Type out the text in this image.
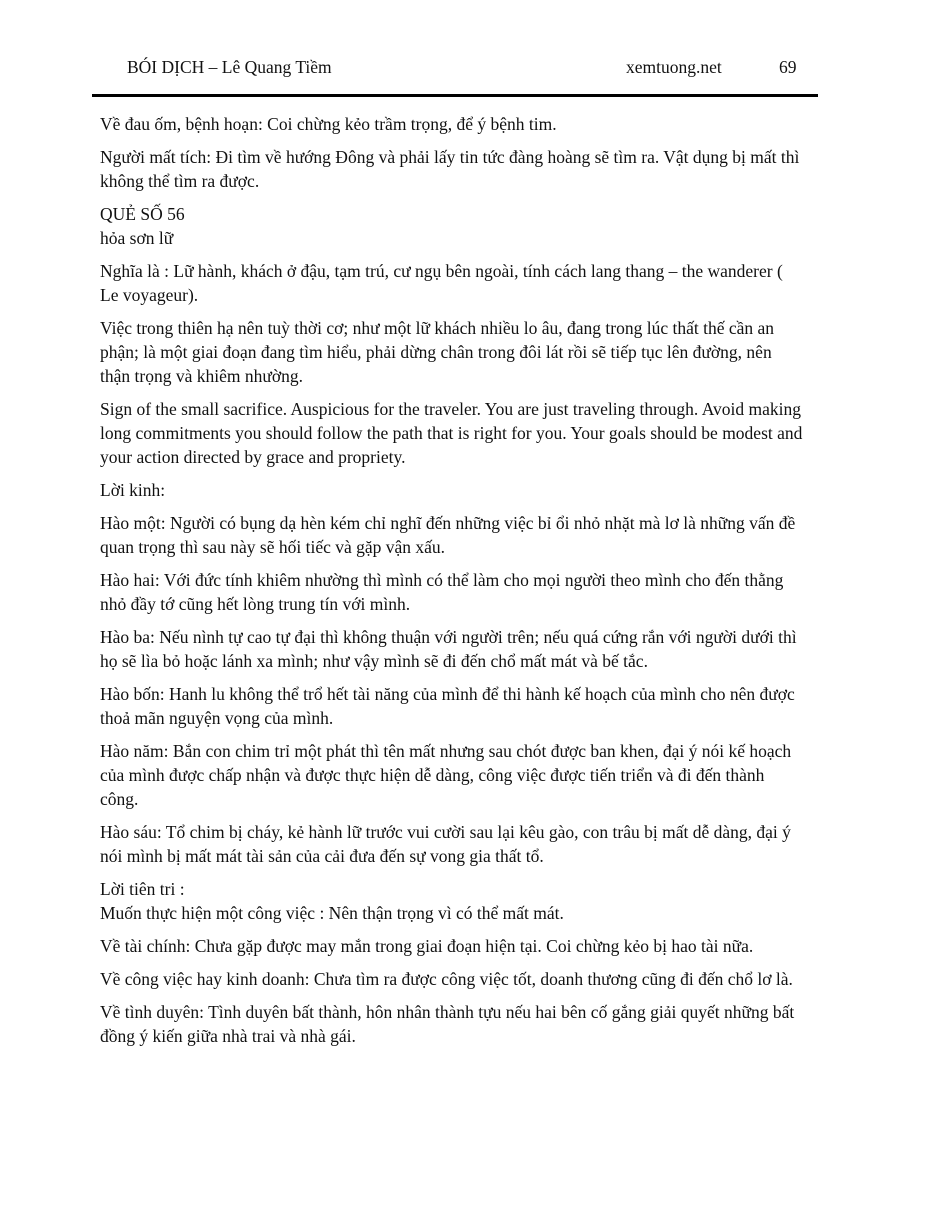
BÓI DỊCH – Lê Quang Tiềm	xemtuong.net	69

Về đau ốm, bệnh hoạn: Coi chừng kẻo trầm trọng, để ý bệnh tim.

Người mất tích: Đi tìm về hướng Đông và phải lấy tin tức đàng hoàng sẽ tìm ra. Vật dụng bị mất thì không thể tìm ra được.

QUẺ SỐ 56
hỏa sơn lữ

Nghĩa là : Lữ hành, khách ở đậu, tạm trú, cư ngụ bên ngoài, tính cách lang thang – the wanderer ( Le voyageur).

Việc trong thiên hạ nên tuỳ thời cơ; như một lữ khách nhiều lo âu, đang trong lúc thất thế cần an phận; là một giai đoạn đang tìm hiểu, phải dừng chân trong đôi lát rồi sẽ tiếp tục lên đường, nên thận trọng và khiêm nhường.

Sign of the small sacrifice. Auspicious for the traveler. You are just traveling through. Avoid making long commitments you should follow the path that is right for you. Your goals should be modest and your action directed by grace and propriety.

Lời kinh:

Hào một: Người có bụng dạ hèn kém chỉ nghĩ đến những việc bỉ ổi nhỏ nhặt mà lơ là những vấn đề quan trọng thì sau này sẽ hối tiếc và gặp vận xấu.

Hào hai: Với đức tính khiêm nhường thì mình có thể làm cho mọi người theo mình cho đến thằng nhỏ đầy tớ cũng hết lòng trung tín với mình.

Hào ba: Nếu nình tự cao tự đại thì không thuận với người trên; nếu quá cứng rắn với người dưới thì họ sẽ lìa bỏ hoặc lánh xa mình; như vậy mình sẽ đi đến chổ mất mát và bế tắc.

Hào bốn: Hanh lu không thể trổ hết tài năng của mình để thi hành kế hoạch của mình cho nên được thoả mãn nguyện vọng của mình.

Hào năm: Bắn con chim trỉ một phát thì tên mất nhưng sau chót được ban khen, đại ý nói kế hoạch của mình được chấp nhận và được thực hiện dễ dàng, công việc được tiến triển và đi đến thành công.

Hào sáu: Tổ chim bị cháy, kẻ hành lữ trước vui cười sau lại kêu gào, con trâu bị mất dễ dàng, đại ý nói mình bị mất mát tài sản của cải đưa đến sự vong gia thất tổ.

Lời tiên tri :
Muốn thực hiện một công việc : Nên thận trọng vì có thể mất mát.

Về tài chính: Chưa gặp được may mắn trong giai đoạn hiện tại. Coi chừng kẻo bị hao tài nữa.

Về công việc hay kinh doanh: Chưa tìm ra được công việc tốt, doanh thương cũng đi đến chổ lơ là.

Về tình duyên: Tình duyên bất thành, hôn nhân thành tựu nếu hai bên cố gắng giải quyết những bất đồng ý kiến giữa nhà trai và nhà gái.
